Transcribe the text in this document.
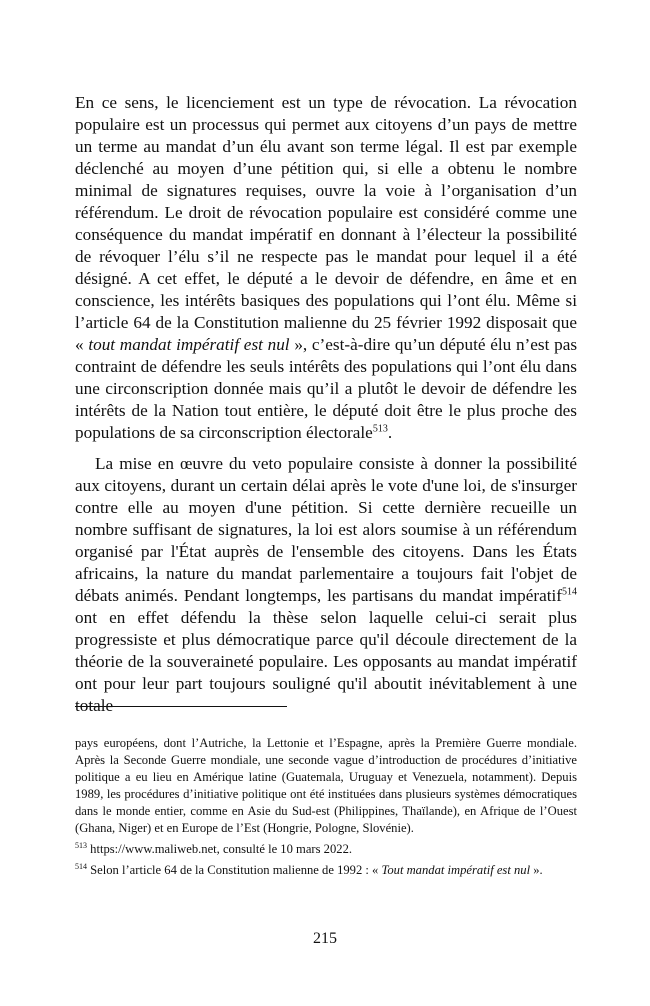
En ce sens, le licenciement est un type de révocation. La révocation populaire est un processus qui permet aux citoyens d’un pays de mettre un terme au mandat d’un élu avant son terme légal. Il est par exemple déclenché au moyen d’une pétition qui, si elle a obtenu le nombre minimal de signatures requises, ouvre la voie à l’organisation d’un référendum. Le droit de révocation populaire est considéré comme une conséquence du mandat impératif en donnant à l’électeur la possibilité de révoquer l’élu s’il ne respecte pas le mandat pour lequel il a été désigné. A cet effet, le député a le devoir de défendre, en âme et en conscience, les intérêts basiques des populations qui l’ont élu. Même si l’article 64 de la Constitution malienne du 25 février 1992 disposait que « tout mandat impératif est nul », c’est-à-dire qu’un député élu n’est pas contraint de défendre les seuls intérêts des populations qui l’ont élu dans une circonscription donnée mais qu’il a plutôt le devoir de défendre les intérêts de la Nation tout entière, le député doit être le plus proche des populations de sa circonscription électorale$^{513}$.

La mise en œuvre du veto populaire consiste à donner la possibilité aux citoyens, durant un certain délai après le vote d'une loi, de s'insurger contre elle au moyen d'une pétition. Si cette dernière recueille un nombre suffisant de signatures, la loi est alors soumise à un référendum organisé par l'État auprès de l'ensemble des citoyens. Dans les États africains, la nature du mandat parlementaire a toujours fait l'objet de débats animés. Pendant longtemps, les partisans du mandat impératif$^{514}$ ont en effet défendu la thèse selon laquelle celui-ci serait plus progressiste et plus démocratique parce qu'il découle directement de la théorie de la souveraineté populaire. Les opposants au mandat impératif ont pour leur part toujours souligné qu'il aboutit inévitablement à une totale

pays européens, dont l’Autriche, la Lettonie et l’Espagne, après la Première Guerre mondiale. Après la Seconde Guerre mondiale, une seconde vague d’introduction de procédures d’initiative politique a eu lieu en Amérique latine (Guatemala, Uruguay et Venezuela, notamment). Depuis 1989, les procédures d’initiative politique ont été instituées dans plusieurs systèmes démocratiques dans le monde entier, comme en Asie du Sud-est (Philippines, Thaïlande), en Afrique de l’Ouest (Ghana, Niger) et en Europe de l’Est (Hongrie, Pologne, Slovénie).

$^{513}$ https://www.maliweb.net, consulté le 10 mars 2022.

$^{514}$ Selon l’article 64 de la Constitution malienne de 1992 : « Tout mandat impératif est nul ».

215
